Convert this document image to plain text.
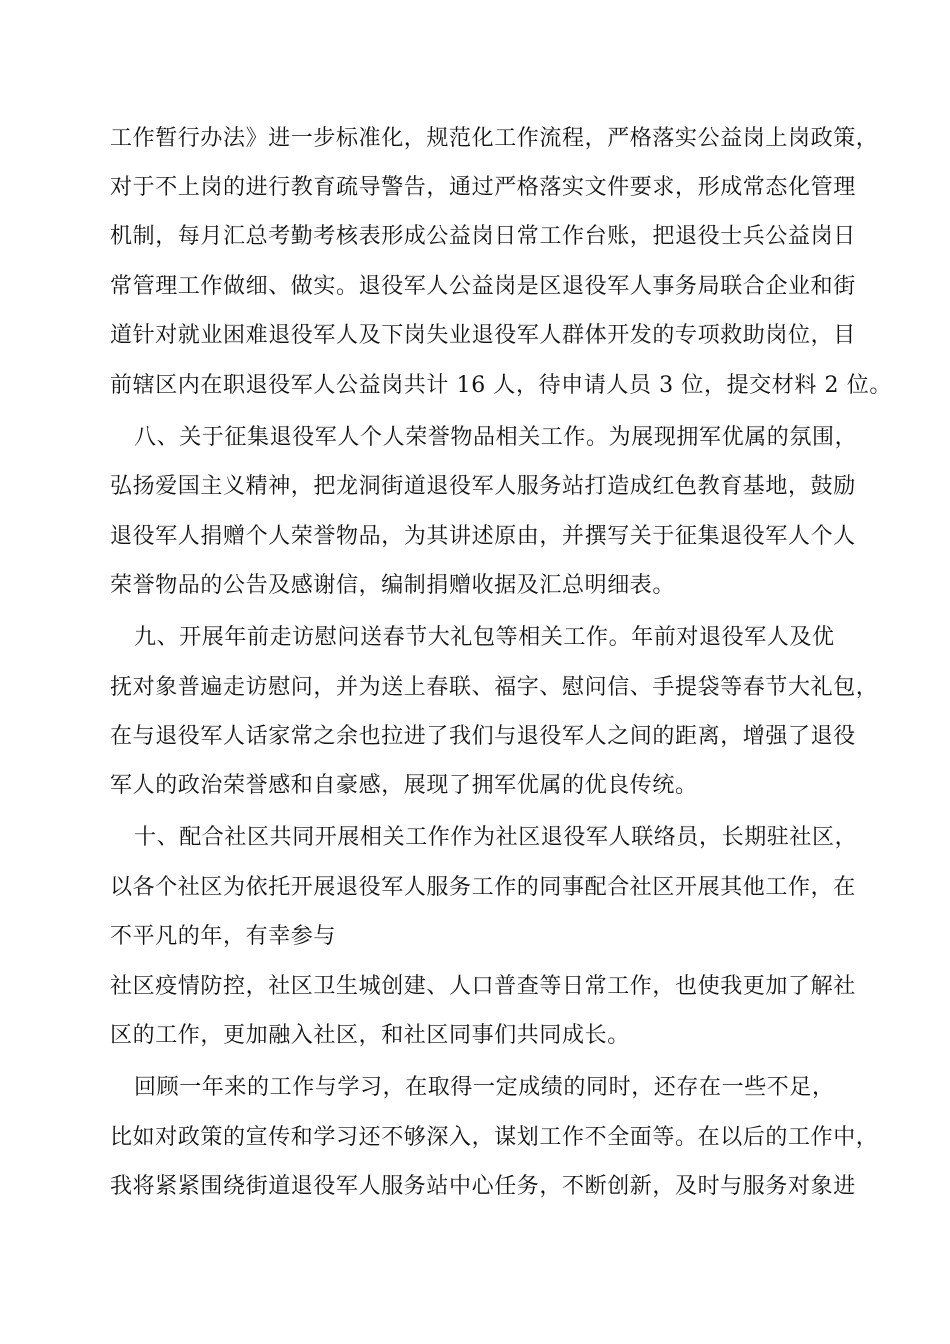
工作暂行办法》进一步标准化，规范化工作流程，严格落实公益岗上岗政策，
对于不上岗的进行教育疏导警告，通过严格落实文件要求，形成常态化管理
机制，每月汇总考勤考核表形成公益岗日常工作台账，把退役士兵公益岗日
常管理工作做细、做实。退役军人公益岗是区退役军人事务局联合企业和街
道针对就业困难退役军人及下岗失业退役军人群体开发的专项救助岗位，目
前辖区内在职退役军人公益岗共计 16 人，待申请人员 3 位，提交材料 2 位。
八、关于征集退役军人个人荣誉物品相关工作。为展现拥军优属的氛围，
弘扬爱国主义精神，把龙洞街道退役军人服务站打造成红色教育基地，鼓励
退役军人捐赠个人荣誉物品，为其讲述原由，并撰写关于征集退役军人个人
荣誉物品的公告及感谢信，编制捐赠收据及汇总明细表。
九、开展年前走访慰问送春节大礼包等相关工作。年前对退役军人及优
抚对象普遍走访慰问，并为送上春联、福字、慰问信、手提袋等春节大礼包，
在与退役军人话家常之余也拉进了我们与退役军人之间的距离，增强了退役
军人的政治荣誉感和自豪感，展现了拥军优属的优良传统。
十、配合社区共同开展相关工作作为社区退役军人联络员，长期驻社区，
以各个社区为依托开展退役军人服务工作的同事配合社区开展其他工作，在
不平凡的年，有幸参与
社区疫情防控，社区卫生城创建、人口普查等日常工作，也使我更加了解社
区的工作，更加融入社区，和社区同事们共同成长。
回顾一年来的工作与学习，在取得一定成绩的同时，还存在一些不足，
比如对政策的宣传和学习还不够深入，谋划工作不全面等。在以后的工作中，
我将紧紧围绕街道退役军人服务站中心任务，不断创新，及时与服务对象进
